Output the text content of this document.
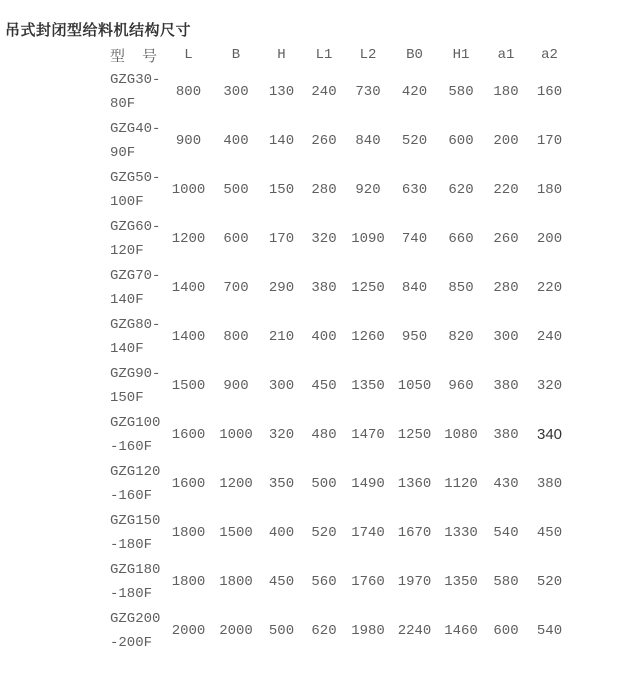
吊式封闭型给料机结构尺寸
型　号	L	B	H	L1	L2	B0	H1	a1	a2
GZG30-80F	800	300	130	240	730	420	580	180	160
GZG40-90F	900	400	140	260	840	520	600	200	170
GZG50-100F	1000	500	150	280	920	630	620	220	180
GZG60-120F	1200	600	170	320	1090	740	660	260	200
GZG70-140F	1400	700	290	380	1250	840	850	280	220
GZG80-140F	1400	800	210	400	1260	950	820	300	240
GZG90-150F	1500	900	300	450	1350	1050	960	380	320
GZG100-160F	1600	1000	320	480	1470	1250	1080	380	340
GZG120-160F	1600	1200	350	500	1490	1360	1120	430	380
GZG150-180F	1800	1500	400	520	1740	1670	1330	540	450
GZG180-180F	1800	1800	450	560	1760	1970	1350	580	520
GZG200-200F	2000	2000	500	620	1980	2240	1460	600	540
